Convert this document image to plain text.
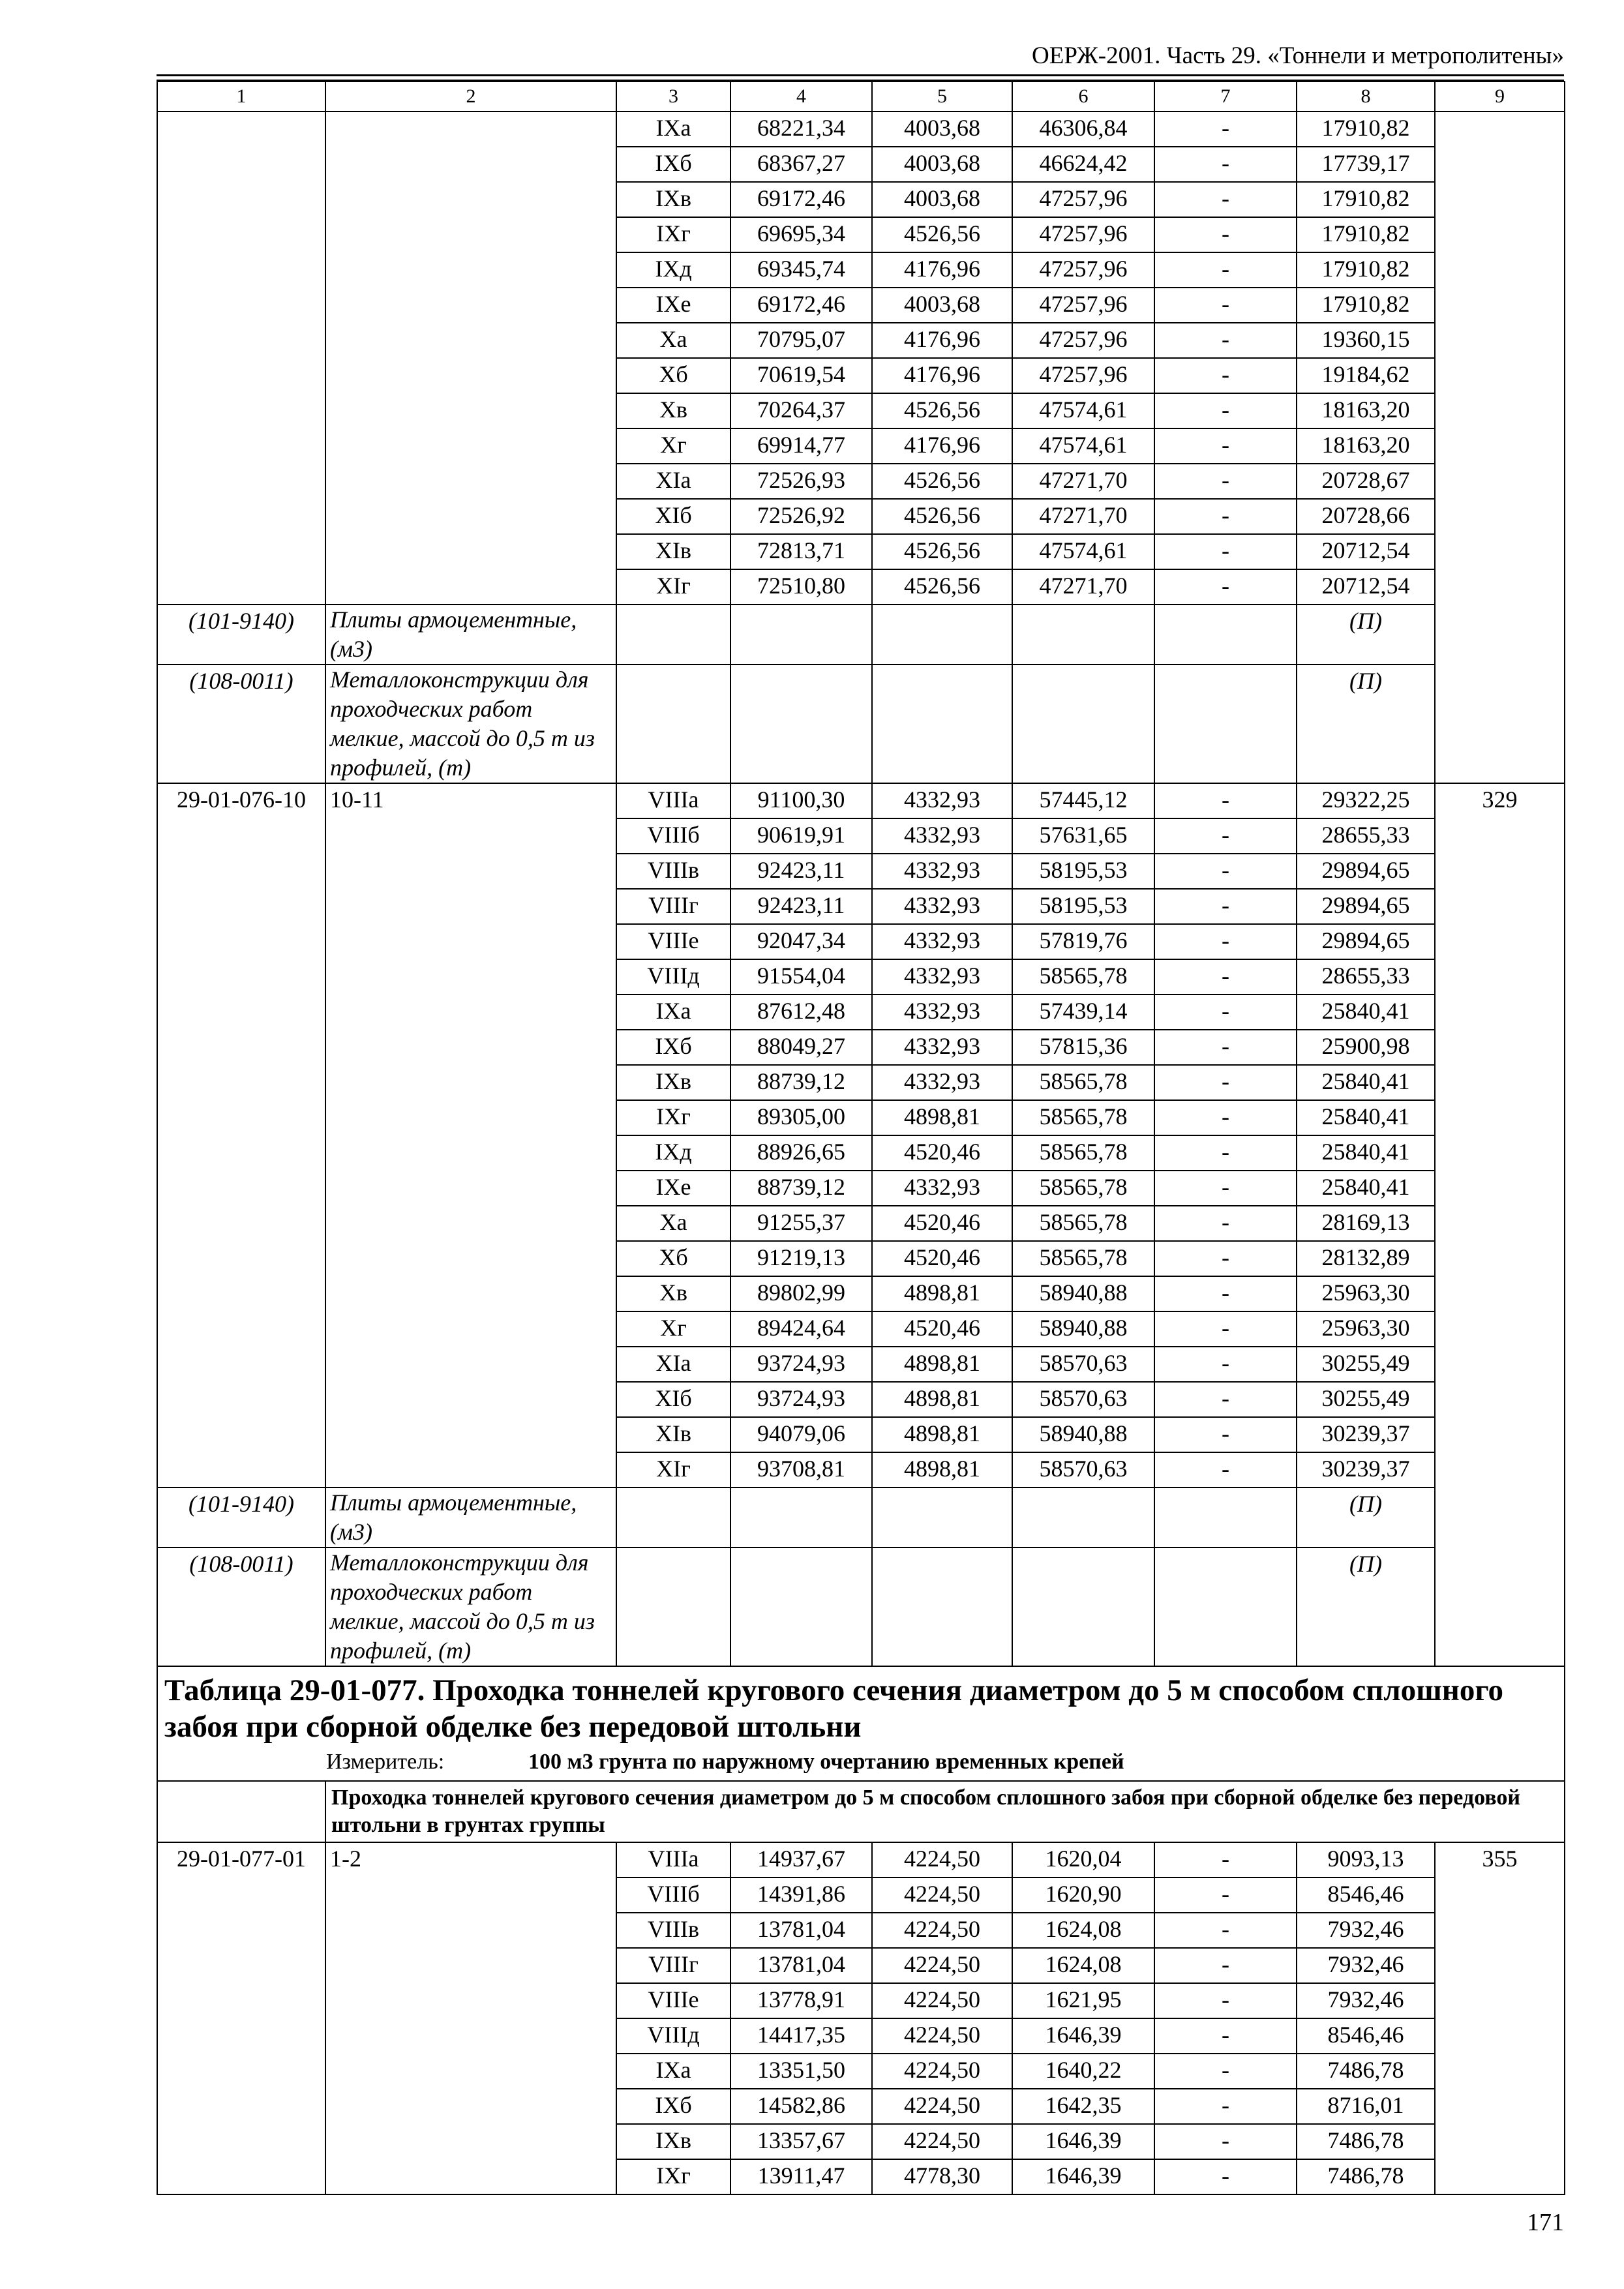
ОЕРЖ-2001. Часть 29. «Тоннели и метрополитены»
1	2	3	4	5	6	7	8	9
		IXа	68221,34	4003,68	46306,84	-	17910,82	
		IXб	68367,27	4003,68	46624,42	-	17739,17	
		IXв	69172,46	4003,68	47257,96	-	17910,82	
		IXг	69695,34	4526,56	47257,96	-	17910,82	
		IXд	69345,74	4176,96	47257,96	-	17910,82	
		IXе	69172,46	4003,68	47257,96	-	17910,82	
		Xа	70795,07	4176,96	47257,96	-	19360,15	
		Xб	70619,54	4176,96	47257,96	-	19184,62	
		Xв	70264,37	4526,56	47574,61	-	18163,20	
		Xг	69914,77	4176,96	47574,61	-	18163,20	
		XIа	72526,93	4526,56	47271,70	-	20728,67	
		XIб	72526,92	4526,56	47271,70	-	20728,66	
		XIв	72813,71	4526,56	47574,61	-	20712,54	
		XIг	72510,80	4526,56	47271,70	-	20712,54	
(101-9140)	Плиты армоцементные, (м3)						(П)	
(108-0011)	Металлоконструкции для проходческих работ мелкие, массой до 0,5 т из профилей, (т)						(П)	
29-01-076-10	10-11	VIIIа	91100,30	4332,93	57445,12	-	29322,25	329
		VIIIб	90619,91	4332,93	57631,65	-	28655,33	
		VIIIв	92423,11	4332,93	58195,53	-	29894,65	
		VIIIг	92423,11	4332,93	58195,53	-	29894,65	
		VIIIе	92047,34	4332,93	57819,76	-	29894,65	
		VIIIд	91554,04	4332,93	58565,78	-	28655,33	
		IXа	87612,48	4332,93	57439,14	-	25840,41	
		IXб	88049,27	4332,93	57815,36	-	25900,98	
		IXв	88739,12	4332,93	58565,78	-	25840,41	
		IXг	89305,00	4898,81	58565,78	-	25840,41	
		IXд	88926,65	4520,46	58565,78	-	25840,41	
		IXе	88739,12	4332,93	58565,78	-	25840,41	
		Xа	91255,37	4520,46	58565,78	-	28169,13	
		Xб	91219,13	4520,46	58565,78	-	28132,89	
		Xв	89802,99	4898,81	58940,88	-	25963,30	
		Xг	89424,64	4520,46	58940,88	-	25963,30	
		XIа	93724,93	4898,81	58570,63	-	30255,49	
		XIб	93724,93	4898,81	58570,63	-	30255,49	
		XIв	94079,06	4898,81	58940,88	-	30239,37	
		XIг	93708,81	4898,81	58570,63	-	30239,37	
(101-9140)	Плиты армоцементные, (м3)						(П)	
(108-0011)	Металлоконструкции для проходческих работ мелкие, массой до 0,5 т из профилей, (т)						(П)	

Таблица 29-01-077. Проходка тоннелей кругового сечения диаметром до 5 м способом сплошного забоя при сборной обделке без передовой штольни
Измеритель: 100 м3 грунта по наружному очертанию временных крепей								

	Проходка тоннелей кругового сечения диаметром до 5 м способом сплошного забоя при сборной обделке без передовой штольни в грунтах группы							
29-01-077-01	1-2	VIIIа	14937,67	4224,50	1620,04	-	9093,13	355
		VIIIб	14391,86	4224,50	1620,90	-	8546,46	
		VIIIв	13781,04	4224,50	1624,08	-	7932,46	
		VIIIг	13781,04	4224,50	1624,08	-	7932,46	
		VIIIе	13778,91	4224,50	1621,95	-	7932,46	
		VIIIд	14417,35	4224,50	1646,39	-	8546,46	
		IXа	13351,50	4224,50	1640,22	-	7486,78	
		IXб	14582,86	4224,50	1642,35	-	8716,01	
		IXв	13357,67	4224,50	1646,39	-	7486,78	
		IXг	13911,47	4778,30	1646,39	-	7486,78	
171
